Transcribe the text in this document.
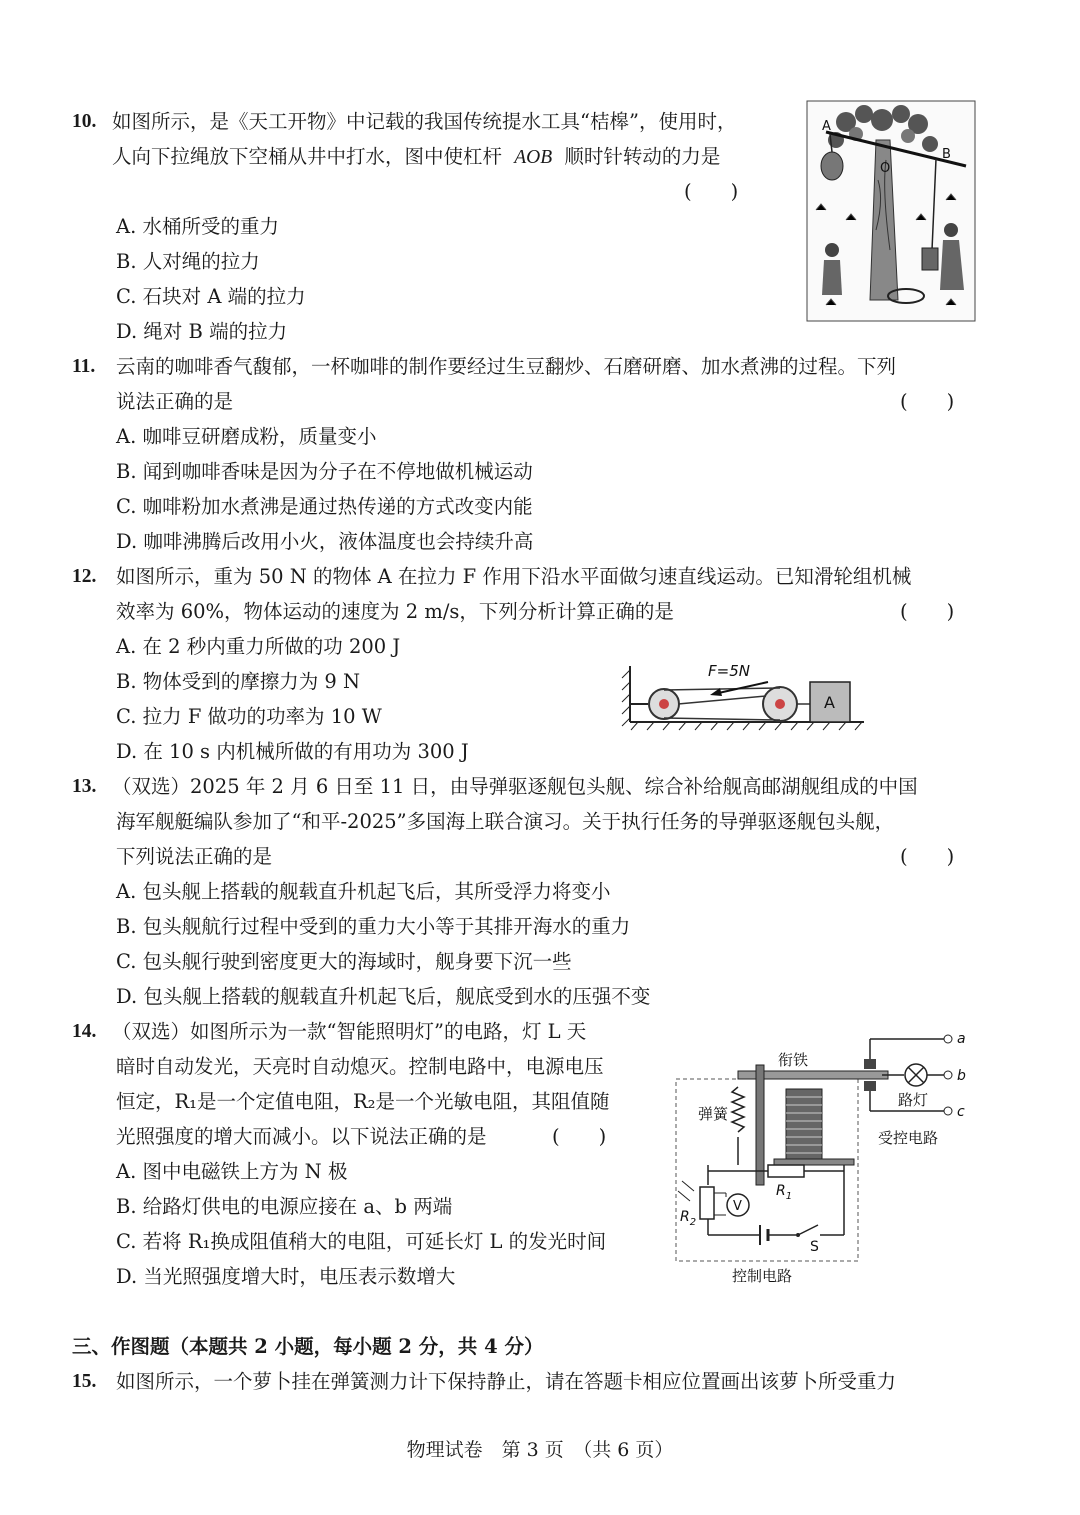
10. 如图所示，是《天工开物》中记载的我国传统提水工具“桔槔”，使用时，
人向下拉绳放下空桶从井中打水，图中使杠杆 AOB 顺时针转动的力是
(　　)
A. 水桶所受的重力
B. 人对绳的拉力
C. 石块对 A 端的拉力
D. 绳对 B 端的拉力
A
B
O
11. 云南的咖啡香气馥郁，一杯咖啡的制作要经过生豆翻炒、石磨研磨、加水煮沸的过程。下列
说法正确的是	(　　)
A. 咖啡豆研磨成粉，质量变小
B. 闻到咖啡香味是因为分子在不停地做机械运动
C. 咖啡粉加水煮沸是通过热传递的方式改变内能
D. 咖啡沸腾后改用小火，液体温度也会持续升高
12. 如图所示，重为 50 N 的物体 A 在拉力 F 作用下沿水平面做匀速直线运动。已知滑轮组机械
效率为 60%，物体运动的速度为 2 m/s，下列分析计算正确的是	(　　)
A. 在 2 秒内重力所做的功 200 J
B. 物体受到的摩擦力为 9 N
C. 拉力 F 做功的功率为 10 W
D. 在 10 s 内机械所做的有用功为 300 J
A
F=5N
13. （双选）2025 年 2 月 6 日至 11 日，由导弹驱逐舰包头舰、综合补给舰高邮湖舰组成的中国
海军舰艇编队参加了“和平-2025”多国海上联合演习。关于执行任务的导弹驱逐舰包头舰，
下列说法正确的是	(　　)
A. 包头舰上搭载的舰载直升机起飞后，其所受浮力将变小
B. 包头舰航行过程中受到的重力大小等于其排开海水的重力
C. 包头舰行驶到密度更大的海域时，舰身要下沉一些
D. 包头舰上搭载的舰载直升机起飞后，舰底受到水的压强不变
14. （双选）如图所示为一款“智能照明灯”的电路，灯 L 天
暗时自动发光，天亮时自动熄灭。控制电路中，电源电压
恒定，R₁是一个定值电阻，R₂是一个光敏电阻，其阻值随
光照强度的增大而减小。以下说法正确的是	(　　)
A. 图中电磁铁上方为 N 极
B. 给路灯供电的电源应接在 a、b 两端
C. 若将 R₁换成阻值稍大的电阻，可延长灯 L 的发光时间
D. 当光照强度增大时，电压表示数增大
衔铁
弹簧
路灯
受控电路
控制电路
a
b
c
$R_1$
$R_2$
V
S
三、作图题（本题共 2 小题，每小题 2 分，共 4 分）
15. 如图所示，一个萝卜挂在弹簧测力计下保持静止，请在答题卡相应位置画出该萝卜所受重力
物理试卷　第 3 页　（共 6 页）
